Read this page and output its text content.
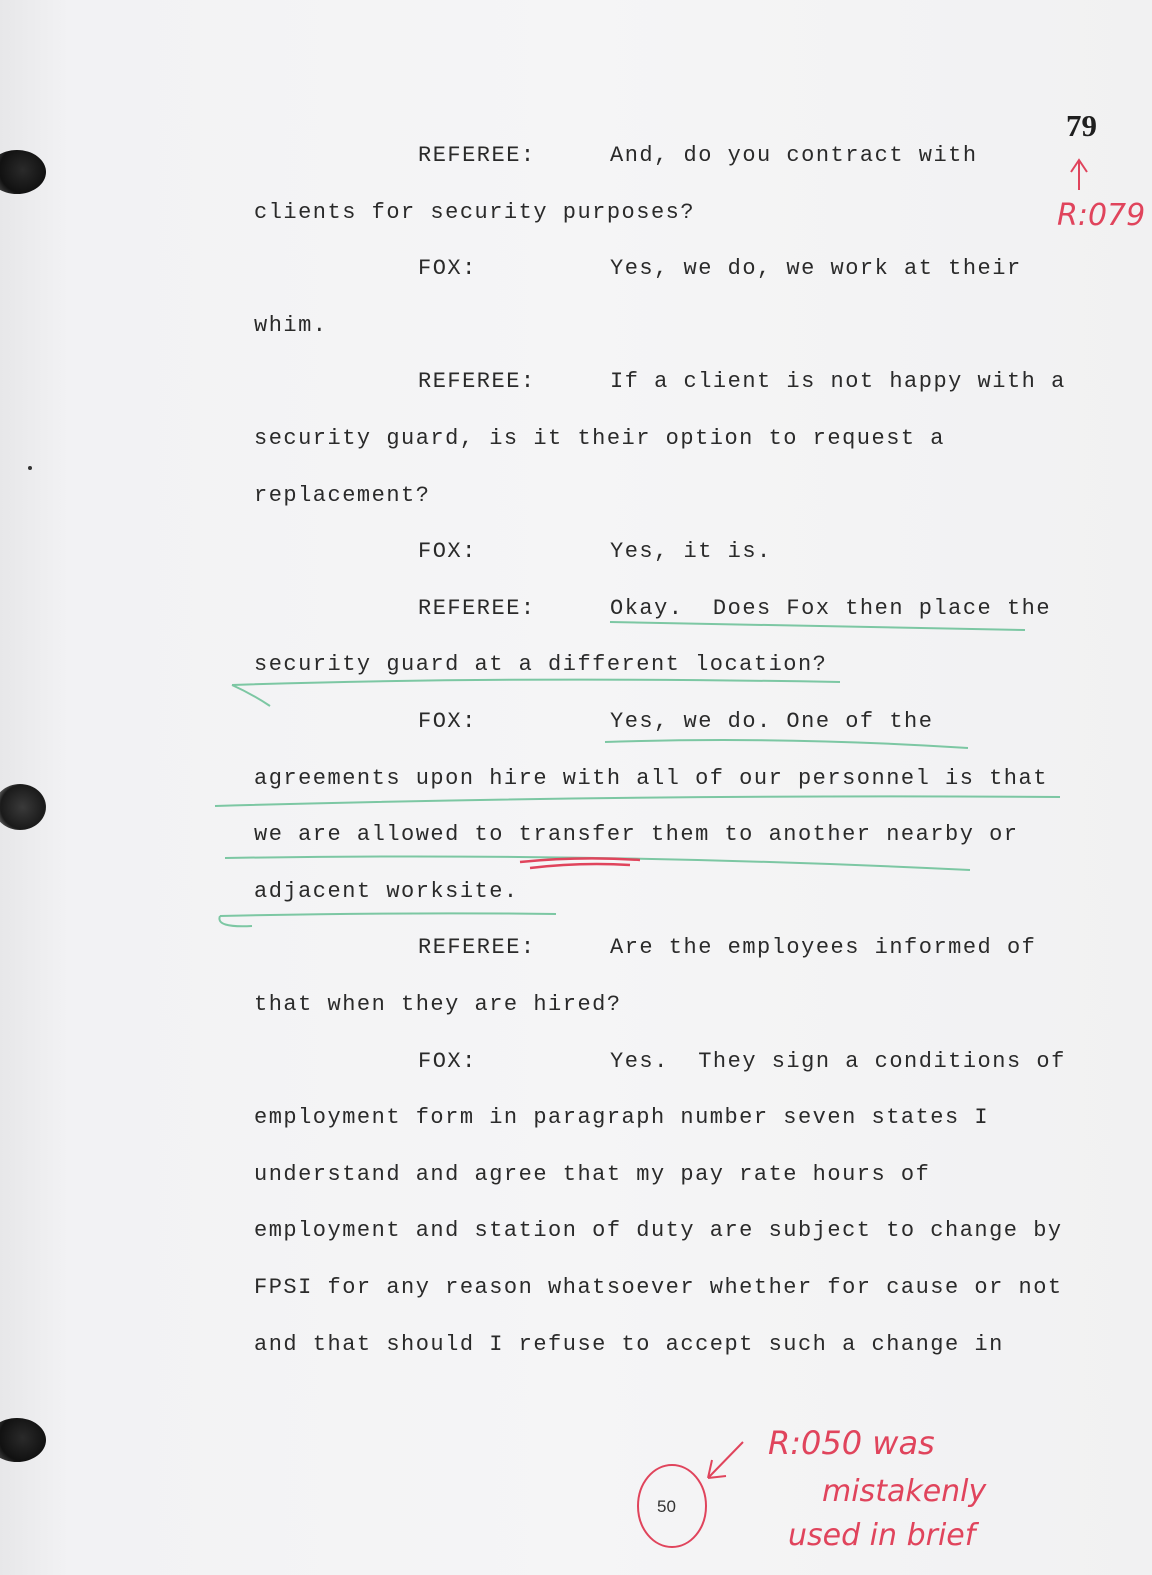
79
REFEREE:	And, do you contract with
clients for security purposes?
FOX:	Yes, we do, we work at their
whim.
REFEREE:	If a client is not happy with a
security guard, is it their option to request a
replacement?
FOX:	Yes, it is.
REFEREE:	Okay.  Does Fox then place the
security guard at a different location?
FOX:	Yes, we do. One of the
agreements upon hire with all of our personnel is that
we are allowed to transfer them to another nearby or
adjacent worksite.
REFEREE:	Are the employees informed of
that when they are hired?
FOX:	Yes.  They sign a conditions of
employment form in paragraph number seven states I
understand and agree that my pay rate hours of
employment and station of duty are subject to change by
FPSI for any reason whatsoever whether for cause or not
and that should I refuse to accept such a change in
R:079
R:050 was
mistakenly
used in brief
50
